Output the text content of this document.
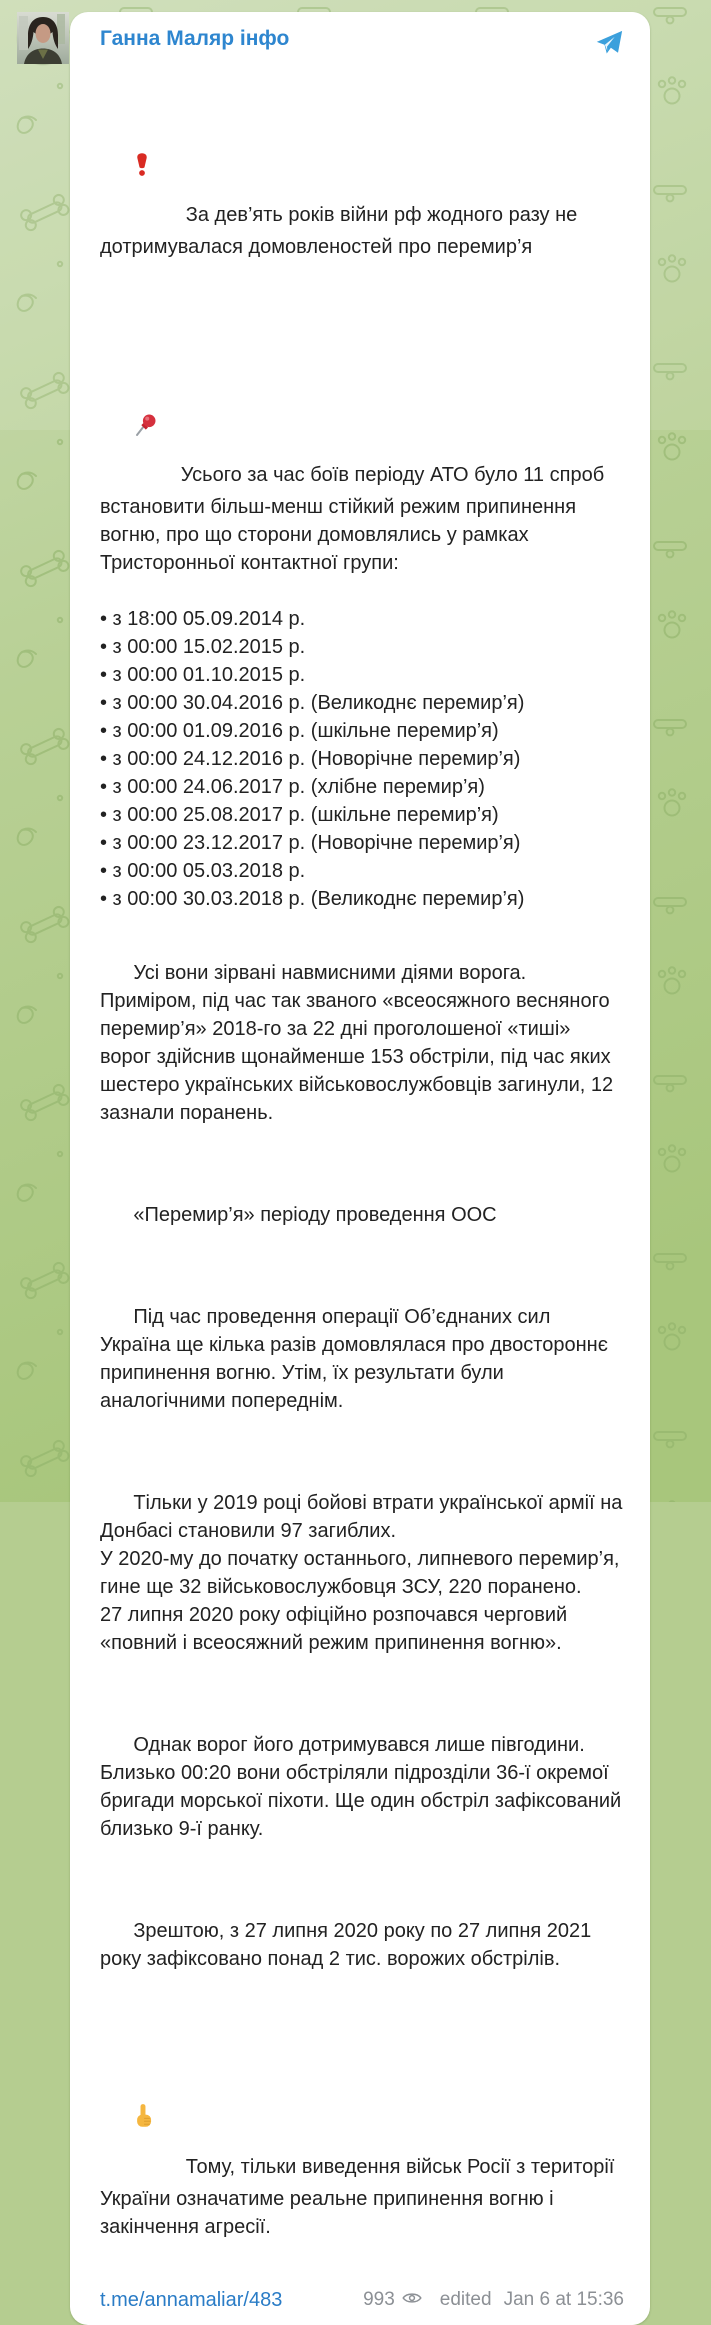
Ганна Маляр інфо

За дев’ять років війни рф жодного разу не дотримувалася домовленостей про перемир’я

Усього за час боїв періоду АТО було 11 спроб встановити більш-менш стійкий режим припинення вогню, про що сторони домовлялись у рамках Тристоронньої контактної групи:

• з 18:00 05.09.2014 р.
• з 00:00 15.02.2015 р.
• з 00:00 01.10.2015 р.
• з 00:00 30.04.2016 р. (Великоднє перемир’я)
• з 00:00 01.09.2016 р. (шкільне перемир’я)
• з 00:00 24.12.2016 р. (Новорічне перемир’я)
• з 00:00 24.06.2017 р. (хлібне перемир’я)
• з 00:00 25.08.2017 р. (шкільне перемир’я)
• з 00:00 23.12.2017 р. (Новорічне перемир’я)
• з 00:00 05.03.2018 р.
• з 00:00 30.03.2018 р. (Великоднє перемир’я)

Усі вони зірвані навмисними діями ворога. Приміром, під час так званого «всеосяжного весняного перемир’я» 2018-го за 22 дні проголошеної «тиші» ворог здійснив щонайменше 153 обстріли, під час яких шестеро українських військовослужбовців загинули, 12 зазнали поранень.

«Перемир’я» періоду проведення ООС

Під час проведення операції Об’єднаних сил Україна ще кілька разів домовлялася про двостороннє припинення вогню. Утім, їх результати були аналогічними попереднім.

Тільки у 2019 році бойові втрати української армії на Донбасі становили 97 загиблих.
У 2020-му до початку останнього, липневого перемир’я, гине ще 32 військовослужбовця ЗСУ, 220 поранено.
27 липня 2020 року офіційно розпочався черговий «повний і всеосяжний режим припинення вогню».

Однак ворог його дотримувався лише півгодини. Близько 00:20 вони обстріляли підрозділи 36-ї окремої бригади морської піхоти. Ще один обстріл зафіксований близько 9-ї ранку.

Зрештою, з 27 липня 2020 року по 27 липня 2021 року зафіксовано понад 2 тис. ворожих обстрілів.

Тому, тільки виведення військ Росії з території України означатиме реальне припинення вогню і закінчення агресії.

t.me/annamaliar/483	993 edited Jan 6 at 15:36
